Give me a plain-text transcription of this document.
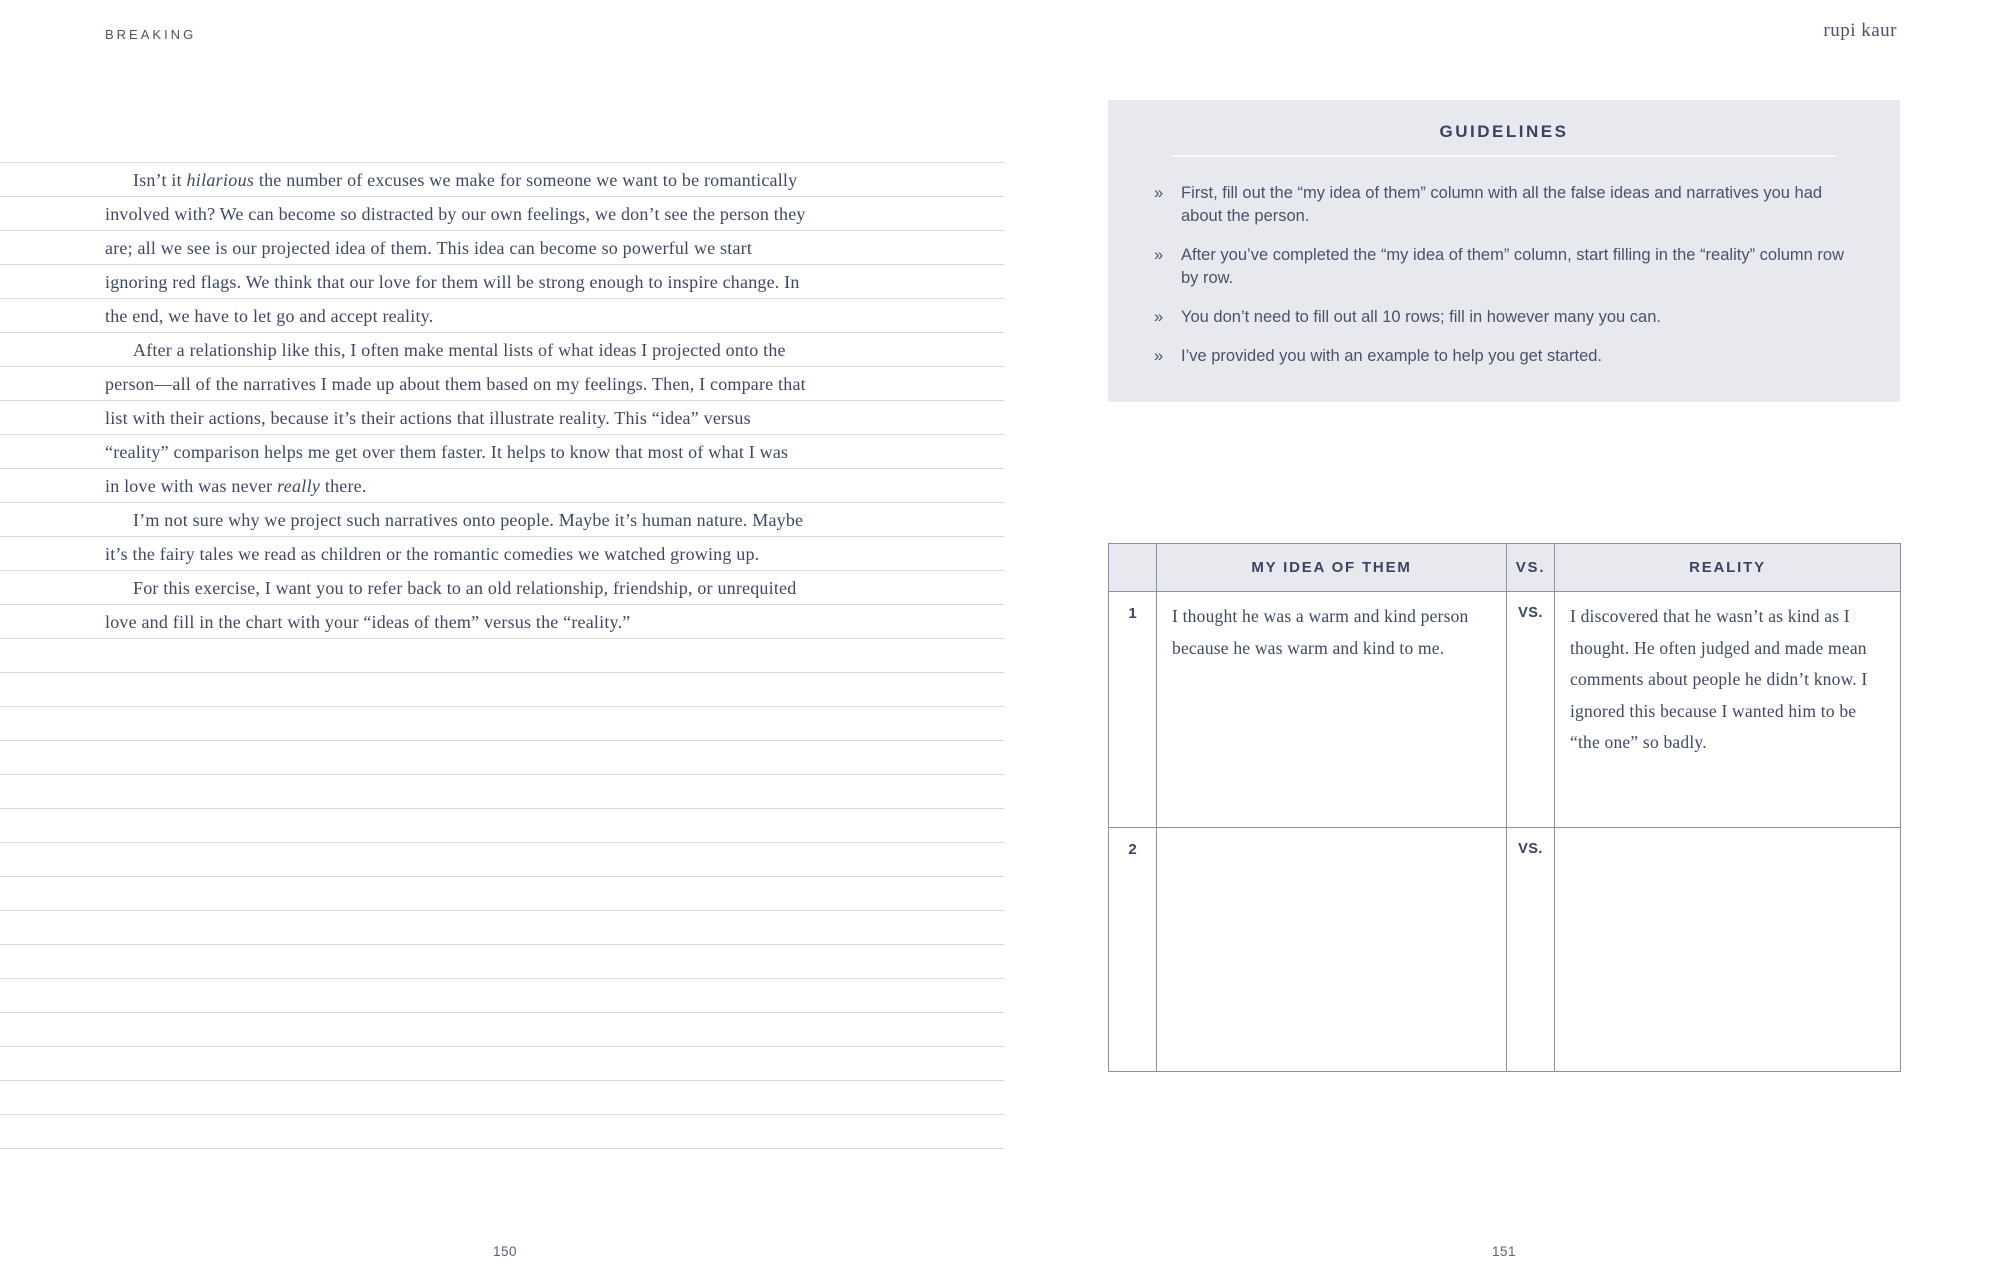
BREAKING	rupi kaur

Isn’t it hilarious the number of excuses we make for someone we want to be romantically involved with? We can become so distracted by our own feelings, we don’t see the person they are; all we see is our projected idea of them. This idea can become so powerful we start ignoring red flags. We think that our love for them will be strong enough to inspire change. In the end, we have to let go and accept reality.

After a relationship like this, I often make mental lists of what ideas I projected onto the person—all of the narratives I made up about them based on my feelings. Then, I compare that list with their actions, because it’s their actions that illustrate reality. This “idea” versus “reality” comparison helps me get over them faster. It helps to know that most of what I was in love with was never really there.

I’m not sure why we project such narratives onto people. Maybe it’s human nature. Maybe it’s the fairy tales we read as children or the romantic comedies we watched growing up.

For this exercise, I want you to refer back to an old relationship, friendship, or unrequited love and fill in the chart with your “ideas of them” versus the “reality.”

150
GUIDELINES
» First, fill out the “my idea of them” column with all the false ideas and narratives you had about the person.
» After you’ve completed the “my idea of them” column, start filling in the “reality” column row by row.
» You don’t need to fill out all 10 rows; fill in however many you can.
» I’ve provided you with an example to help you get started.
	MY IDEA OF THEM	VS.	REALITY
1	I thought he was a warm and kind person because he was warm and kind to me.	VS.	I discovered that he wasn’t as kind as I thought. He often judged and made mean comments about people he didn’t know. I ignored this because I wanted him to be “the one” so badly.
2		VS.	
151
